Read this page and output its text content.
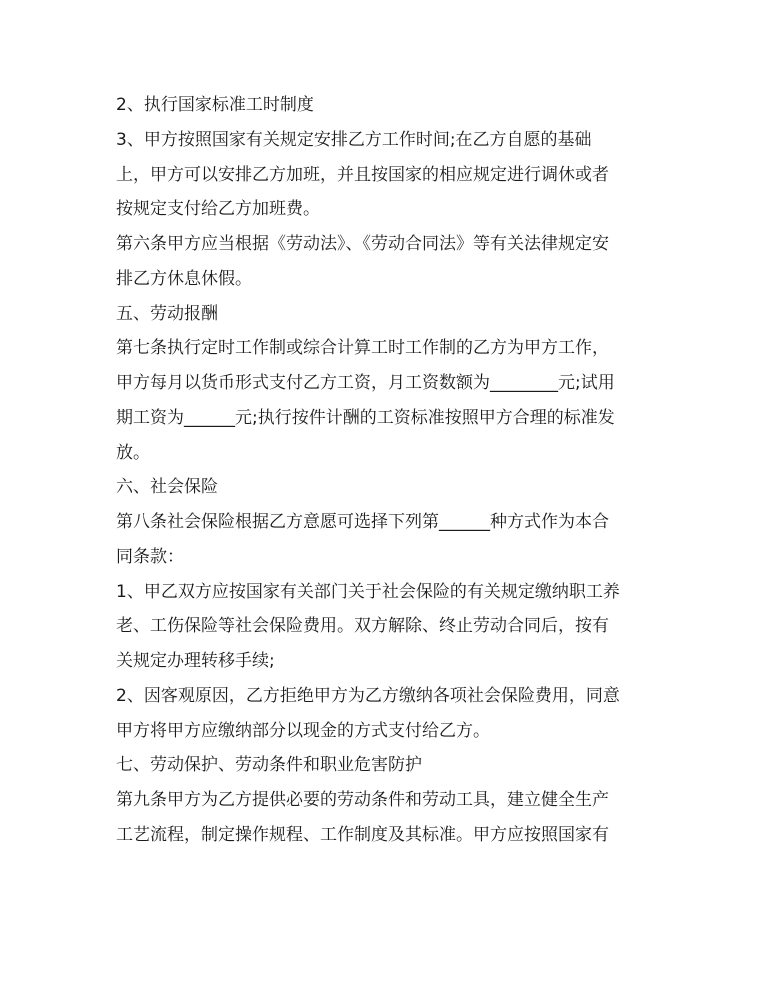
2、执行国家标准工时制度
3、甲方按照国家有关规定安排乙方工作时间;在乙方自愿的基础
上，甲方可以安排乙方加班，并且按国家的相应规定进行调休或者
按规定支付给乙方加班费。
第六条甲方应当根据《劳动法》、《劳动合同法》等有关法律规定安
排乙方休息休假。
五、劳动报酬
第七条执行定时工作制或综合计算工时工作制的乙方为甲方工作，
甲方每月以货币形式支付乙方工资，月工资数额为________元;试用
期工资为______元;执行按件计酬的工资标准按照甲方合理的标准发
放。
六、社会保险
第八条社会保险根据乙方意愿可选择下列第______种方式作为本合
同条款：
1、甲乙双方应按国家有关部门关于社会保险的有关规定缴纳职工养
老、工伤保险等社会保险费用。双方解除、终止劳动合同后，按有
关规定办理转移手续;
2、因客观原因，乙方拒绝甲方为乙方缴纳各项社会保险费用，同意
甲方将甲方应缴纳部分以现金的方式支付给乙方。
七、劳动保护、劳动条件和职业危害防护
第九条甲方为乙方提供必要的劳动条件和劳动工具，建立健全生产
工艺流程，制定操作规程、工作制度及其标准。甲方应按照国家有
